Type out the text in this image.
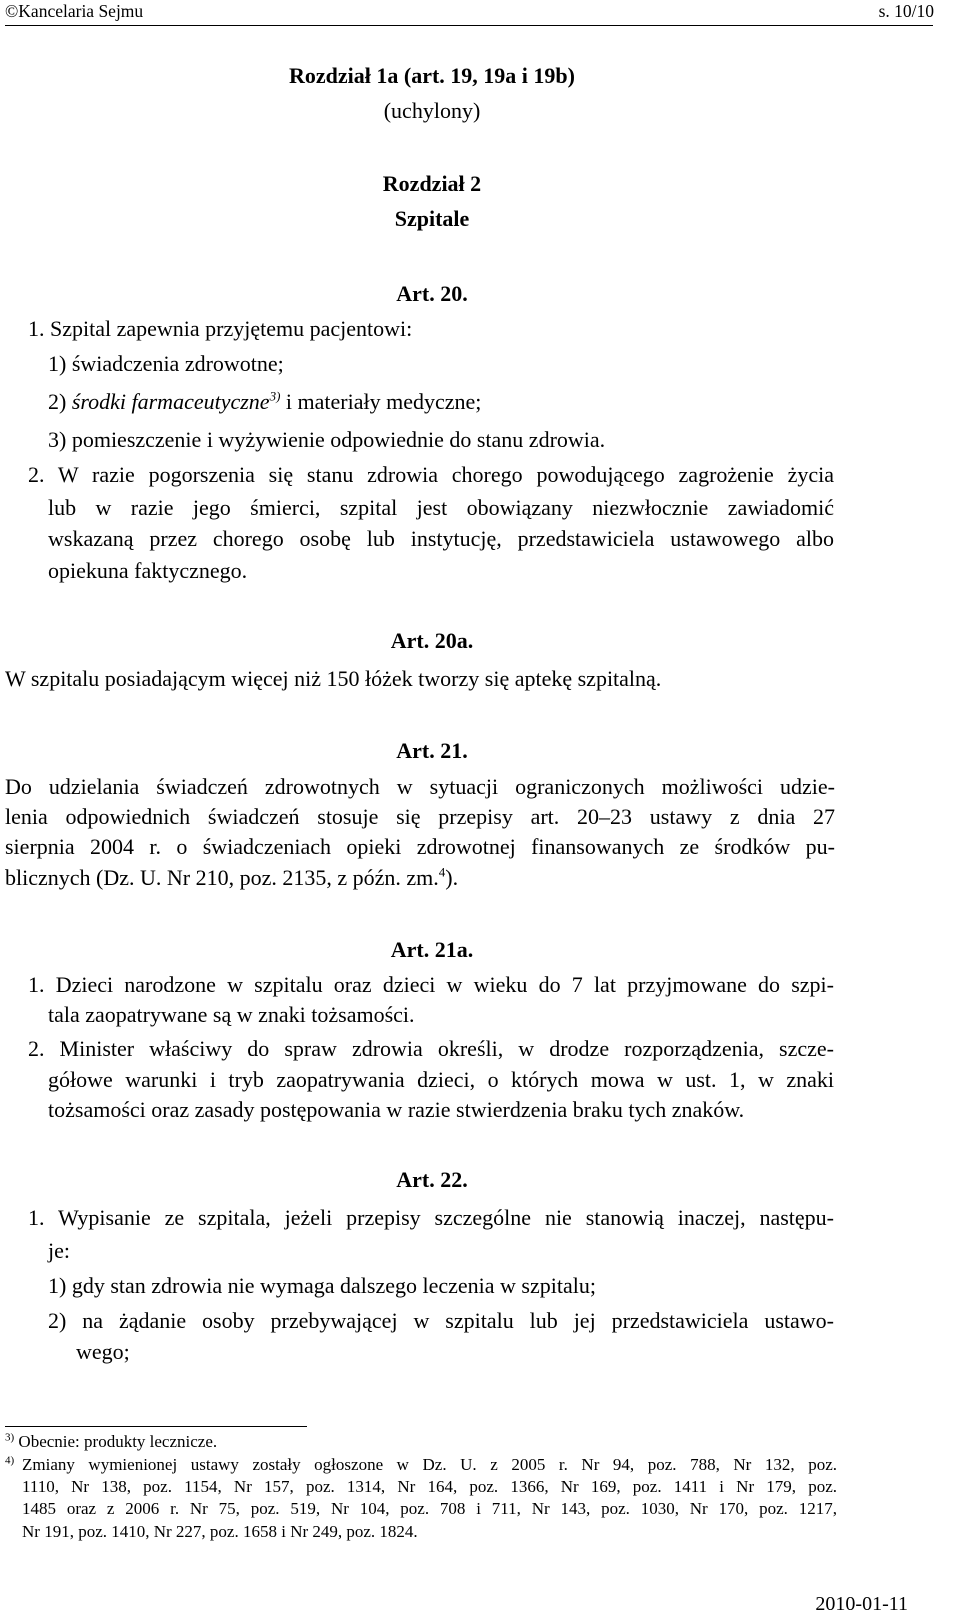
©Kancelaria Sejmu	s. 10/10
Rozdział 1a (art. 19, 19a i 19b)
(uchylony)
Rozdział 2
Szpitale
Art. 20.
1. Szpital zapewnia przyjętemu pacjentowi:
1) świadczenia zdrowotne;
2) środki farmaceutyczne$^{3)}$ i materiały medyczne;
3) pomieszczenie i wyżywienie odpowiednie do stanu zdrowia.
2. W razie pogorszenia się stanu zdrowia chorego powodującego zagrożenie życia
lub w razie jego śmierci, szpital jest obowiązany niezwłocznie zawiadomić
wskazaną przez chorego osobę lub instytucję, przedstawiciela ustawowego albo
opiekuna faktycznego.
Art. 20a.
W szpitalu posiadającym więcej niż 150 łóżek tworzy się aptekę szpitalną.
Art. 21.
Do udzielania świadczeń zdrowotnych w sytuacji ograniczonych możliwości udzie-
lenia odpowiednich świadczeń stosuje się przepisy art. 20–23 ustawy z dnia 27
sierpnia 2004 r. o świadczeniach opieki zdrowotnej finansowanych ze środków pu-
blicznych (Dz. U. Nr 210, poz. 2135, z późn. zm.$^4$).
Art. 21a.
1. Dzieci narodzone w szpitalu oraz dzieci w wieku do 7 lat przyjmowane do szpi-
tala zaopatrywane są w znaki tożsamości.
2. Minister właściwy do spraw zdrowia określi, w drodze rozporządzenia, szcze-
gółowe warunki i tryb zaopatrywania dzieci, o których mowa w ust. 1, w znaki
tożsamości oraz zasady postępowania w razie stwierdzenia braku tych znaków.
Art. 22.
1. Wypisanie ze szpitala, jeżeli przepisy szczególne nie stanowią inaczej, następu-
je:
1) gdy stan zdrowia nie wymaga dalszego leczenia w szpitalu;
2) na żądanie osoby przebywającej w szpitalu lub jej przedstawiciela ustawo-
wego;
$^{3)}$ Obecnie: produkty lecznicze.
$^{4)}$ Zmiany wymienionej ustawy zostały ogłoszone w Dz. U. z 2005 r. Nr 94, poz. 788, Nr 132, poz.
1110, Nr 138, poz. 1154, Nr 157, poz. 1314, Nr 164, poz. 1366, Nr 169, poz. 1411 i Nr 179, poz.
1485 oraz z 2006 r. Nr 75, poz. 519, Nr 104, poz. 708 i 711, Nr 143, poz. 1030, Nr 170, poz. 1217,
Nr 191, poz. 1410, Nr 227, poz. 1658 i Nr 249, poz. 1824.
2010-01-11
